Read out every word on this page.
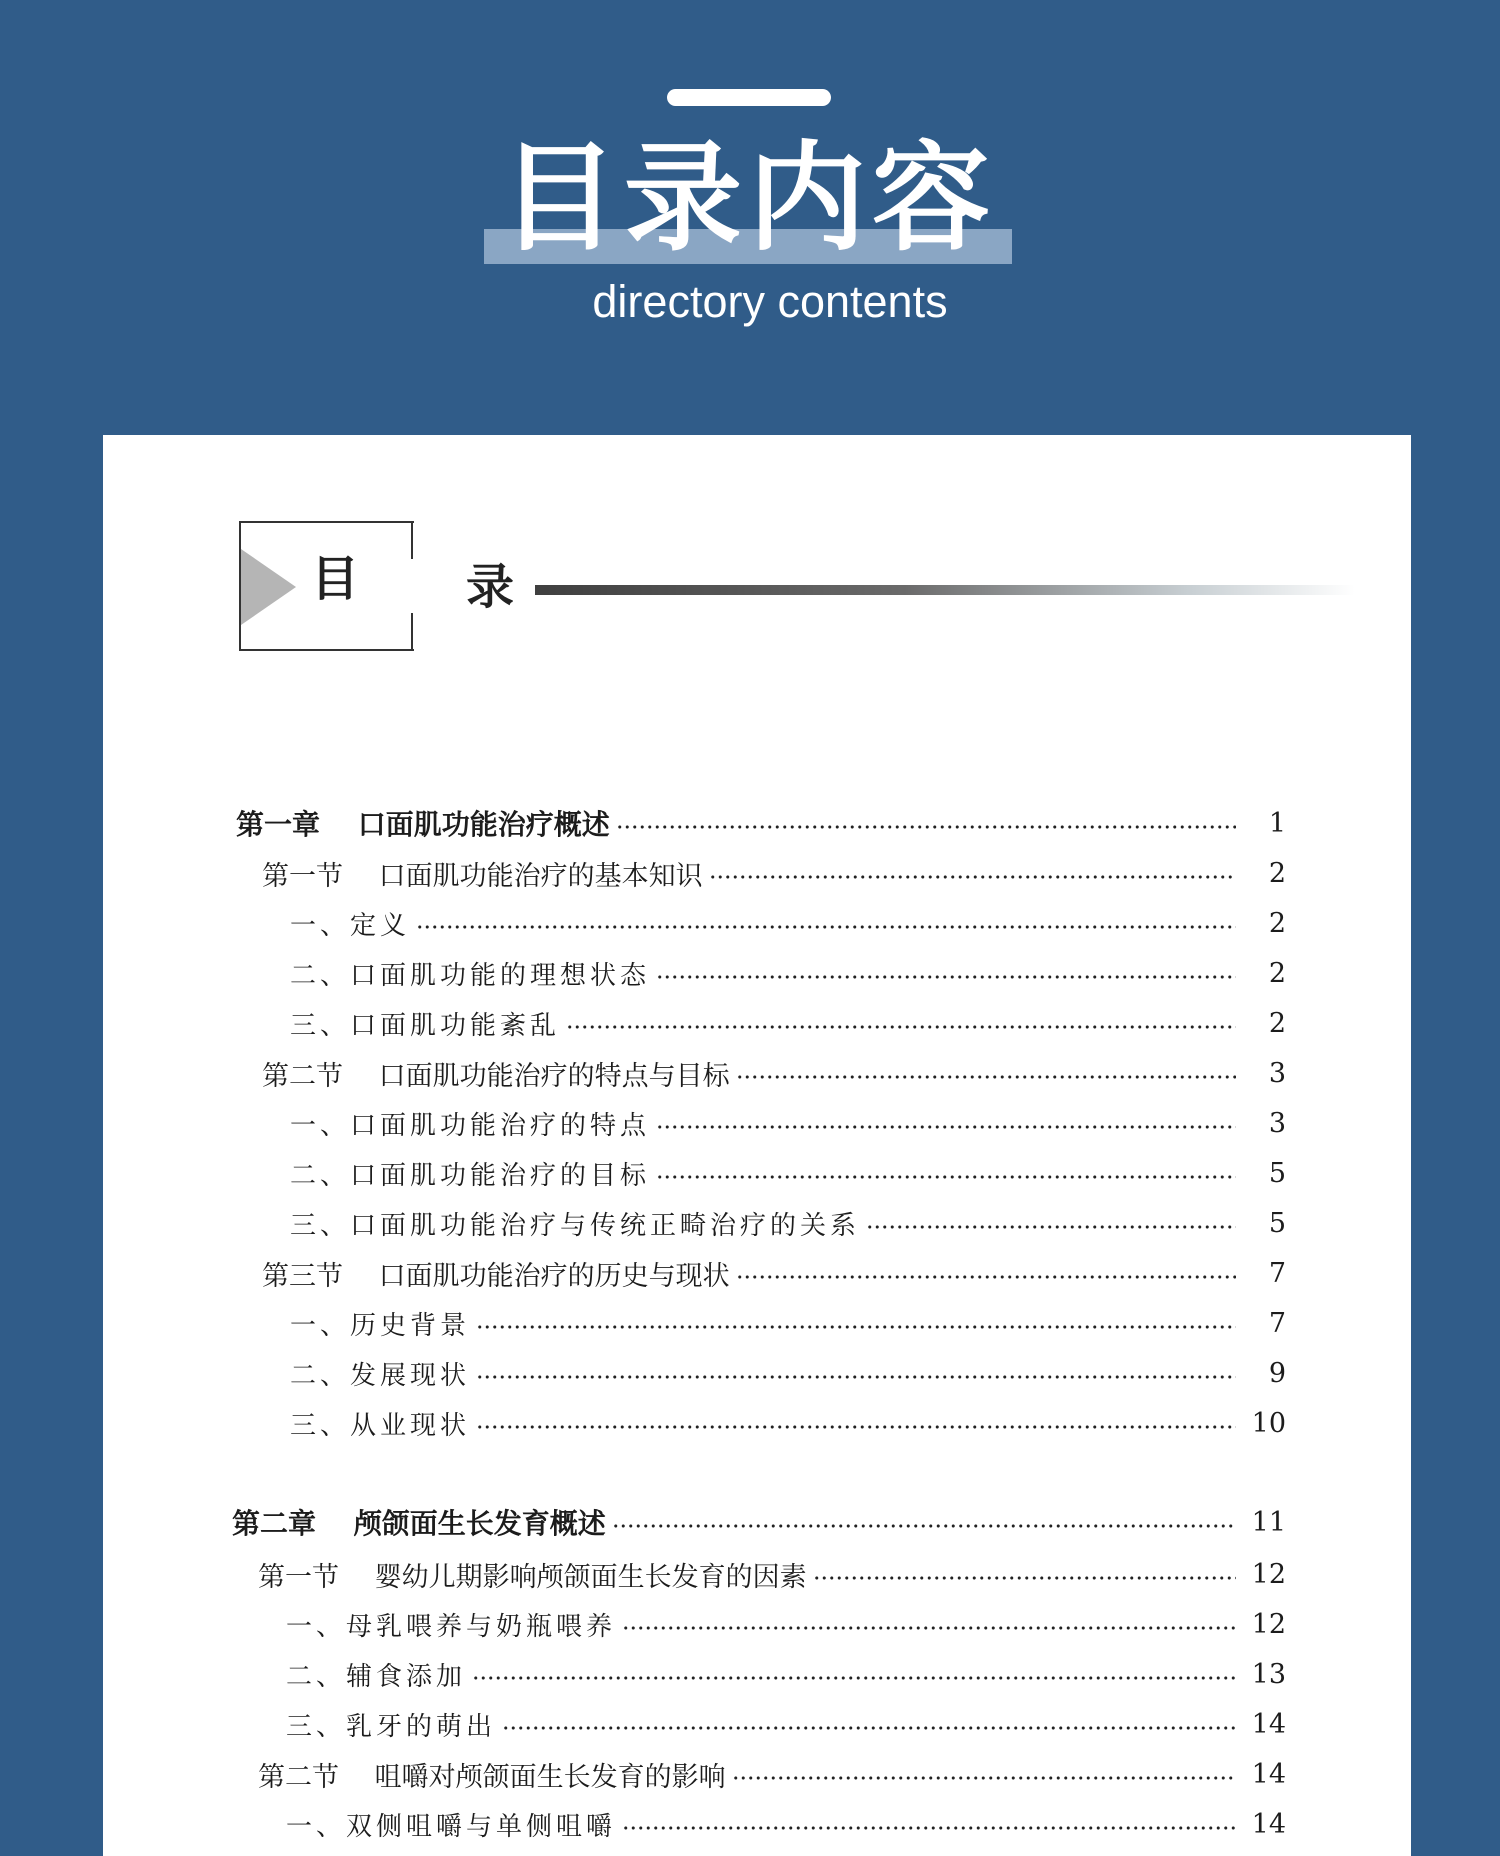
目录内容
directory contents
目 录
第一章　 口面肌功能治疗概述	1
第一节　 口面肌功能治疗的基本知识	2
一、定义	2
二、口面肌功能的理想状态	2
三、口面肌功能紊乱	2
第二节　 口面肌功能治疗的特点与目标	3
一、口面肌功能治疗的特点	3
二、口面肌功能治疗的目标	5
三、口面肌功能治疗与传统正畸治疗的关系	5
第三节　 口面肌功能治疗的历史与现状	7
一、历史背景	7
二、发展现状	9
三、从业现状	10
第二章　 颅颌面生长发育概述	11
第一节　 婴幼儿期影响颅颌面生长发育的因素	12
一、母乳喂养与奶瓶喂养	12
二、辅食添加	13
三、乳牙的萌出	14
第二节　 咀嚼对颅颌面生长发育的影响	14
一、双侧咀嚼与单侧咀嚼	14
